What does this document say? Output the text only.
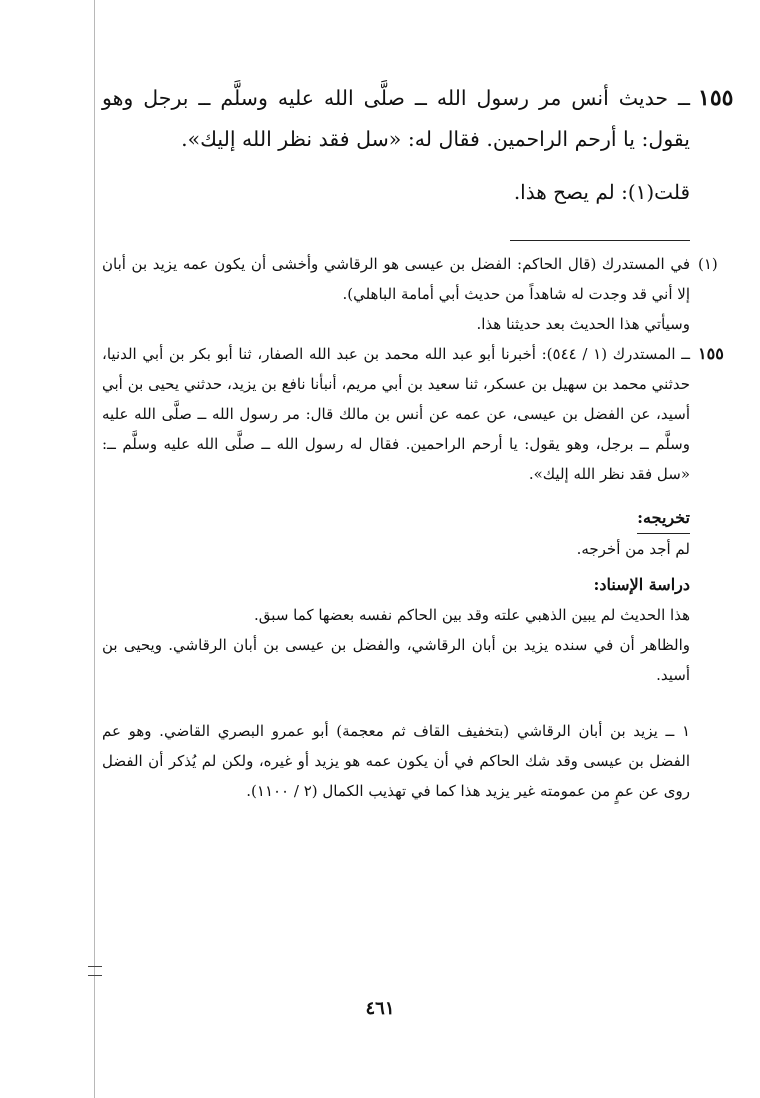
١٥٥
ــ حديث أنس مر رسول الله ــ صلَّى الله عليه وسلَّم ــ برجل وهو يقول: يا أرحم الراحمين. فقال له: «سل فقد نظر الله إليك».
قلت(١): لم يصح هذا.
(١)
في المستدرك (قال الحاكم: الفضل بن عيسى هو الرقاشي وأخشى أن يكون عمه يزيد بن أبان إلا أني قد وجدت له شاهداً من حديث أبي أمامة الباهلي).
وسيأتي هذا الحديث بعد حديثنا هذا.
١٥٥
ــ المستدرك (١ / ٥٤٤): أخبرنا أبو عبد الله محمد بن عبد الله الصفار، ثنا أبو بكر بن أبي الدنيا، حدثني محمد بن سهيل بن عسكر، ثنا سعيد بن أبي مريم، أنبأنا نافع بن يزيد، حدثني يحيى بن أبي أسيد، عن الفضل بن عيسى، عن عمه عن أنس بن مالك قال: مر رسول الله ــ صلَّى الله عليه وسلَّم ــ برجل، وهو يقول: يا أرحم الراحمين. فقال له رسول الله ــ صلَّى الله عليه وسلَّم ــ: «سل فقد نظر الله إليك».
تخريجه:
لم أجد من أخرجه.
دراسة الإسناد:
هذا الحديث لم يبين الذهبي علته وقد بين الحاكم نفسه بعضها كما سبق.
والظاهر أن في سنده يزيد بن أبان الرقاشي، والفضل بن عيسى بن أبان الرقاشي. ويحيى بن أسيد.
١ ــ يزيد بن أبان الرقاشي (بتخفيف القاف ثم معجمة) أبو عمرو البصري القاضي. وهو عم الفضل بن عيسى وقد شك الحاكم في أن يكون عمه هو يزيد أو غيره، ولكن لم يُذكر أن الفضل روى عن عمٍ من عمومته غير يزيد هذا كما في تهذيب الكمال (٢ / ١١٠٠).
٤٦١
